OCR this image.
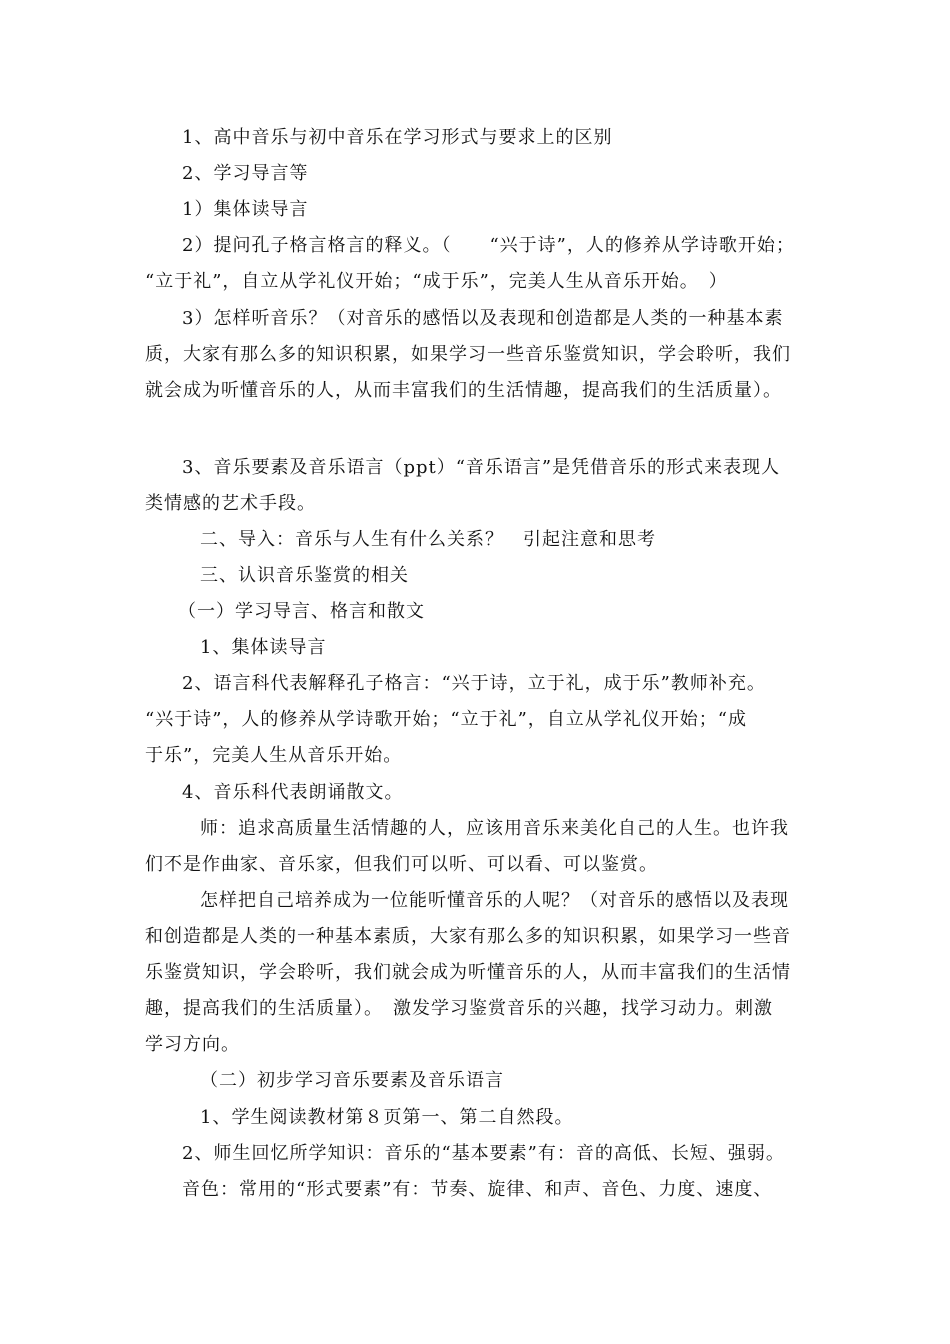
1、高中音乐与初中音乐在学习形式与要求上的区别
2、学习导言等
1）集体读导言
2）提问孔子格言格言的释义。（　　“兴于诗”，人的修养从学诗歌开始；
“立于礼”，自立从学礼仪开始；“成于乐”，完美人生从音乐开始。　）
3）怎样听音乐？（对音乐的感悟以及表现和创造都是人类的一种基本素
质，大家有那么多的知识积累，如果学习一些音乐鉴赏知识，学会聆听，我们
就会成为听懂音乐的人，从而丰富我们的生活情趣，提高我们的生活质量）。
3、音乐要素及音乐语言（ppt）“音乐语言”是凭借音乐的形式来表现人
类情感的艺术手段。
二、导入：音乐与人生有什么关系？　引起注意和思考
三、认识音乐鉴赏的相关
（一）学习导言、格言和散文
1、集体读导言
2、语言科代表解释孔子格言：“兴于诗，立于礼，成于乐”教师补充。
“兴于诗”，人的修养从学诗歌开始；“立于礼”，自立从学礼仪开始；“成
于乐”，完美人生从音乐开始。
4、音乐科代表朗诵散文。
师：追求高质量生活情趣的人，应该用音乐来美化自己的人生。也许我
们不是作曲家、音乐家，但我们可以听、可以看、可以鉴赏。
怎样把自己培养成为一位能听懂音乐的人呢？（对音乐的感悟以及表现
和创造都是人类的一种基本素质，大家有那么多的知识积累，如果学习一些音
乐鉴赏知识，学会聆听，我们就会成为听懂音乐的人，从而丰富我们的生活情
趣，提高我们的生活质量）。　激发学习鉴赏音乐的兴趣，找学习动力。刺激
学习方向。
（二）初步学习音乐要素及音乐语言
1、学生阅读教材第８页第一、第二自然段。
2、师生回忆所学知识：音乐的“基本要素”有：音的高低、长短、强弱。
音色：常用的“形式要素”有：节奏、旋律、和声、音色、力度、速度、
